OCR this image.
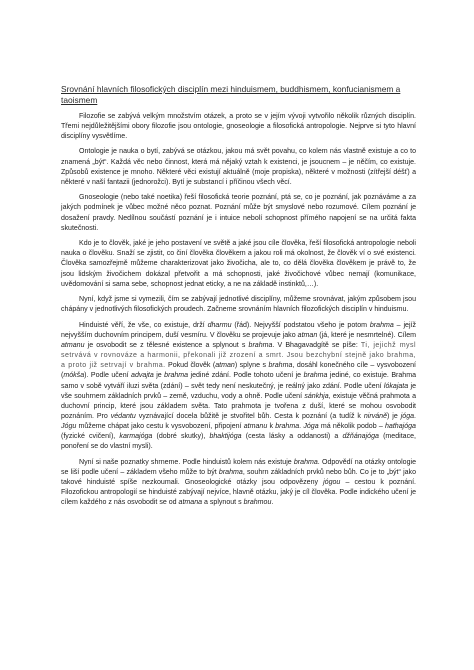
Srovnání hlavních filosofických disciplín mezi hinduismem, buddhismem, konfucianismem a taoismem

Filozofie se zabývá velkým množstvím otázek, a proto se v jejím vývoji vytvořilo několik různých disciplín. Třemi nejdůležitějšími obory filozofie jsou ontologie, gnoseologie a filosofická antropologie. Nejprve si tyto hlavní disciplíny vysvětlíme.

Ontologie je nauka o bytí, zabývá se otázkou, jakou má svět povahu, co kolem nás vlastně existuje a co to znamená „být“. Každá věc nebo činnost, která má nějaký vztah k existenci, je jsoucnem – je něčím, co existuje. Způsobů existence je mnoho. Některé věci existují aktuálně (moje propiska), některé v možnosti (zítřejší déšť) a některé v naší fantazii (jednorožci). Bytí je substancí i příčinou všech věcí.

Gnoseologie (nebo také noetika) řeší filosofická teorie poznání, ptá se, co je poznání, jak poznáváme a za jakých podmínek je vůbec možné něco poznat. Poznání může být smyslové nebo rozumové. Cílem poznání je dosažení pravdy. Nedílnou součástí poznání je i intuice nebolí schopnost přímého napojení se na určitá fakta skutečnosti.

Kdo je to člověk, jaké je jeho postavení ve světě a jaké jsou cíle člověka, řeší filosofická antropologie neboli nauka o člověku. Snaží se zjistit, co činí člověka člověkem a jakou roli má okolnost, že člověk ví o své existenci. Člověka samozřejmě můžeme charakterizovat jako živočicha, ale to, co dělá člověka člověkem je právě to, že jsou lidským živočichem dokázal přetvořit a má schopnosti, jaké živočichové vůbec nemají (komunikace, uvědomování si sama sebe, schopnost jednat eticky, a ne na základě instinktů,…).

Nyní, když jsme si vymezili, čím se zabývají jednotlivé disciplíny, můžeme srovnávat, jakým způsobem jsou chápány v jednotlivých filosofických proudech. Začneme srovnáním hlavních filozofických disciplín v hinduismu.

Hinduisté věří, že vše, co existuje, drží dharmu (řád). Nejvyšší podstatou všeho je potom brahma – jejíž nejvyšším duchovním principem, duší vesmíru. V člověku se projevuje jako atman (já, které je nesmrtelné). Cílem atmanu je osvobodit se z tělesné existence a splynout s brahma. V Bhagavadgítě se píše: Ti, jejichž mysl setrvává v rovnováze a harmonii, překonali již zrození a smrt. Jsou bezchybní stejně jako brahma, a proto již setrvají v brahma. Pokud člověk (atman) splyne s brahma, dosáhl konečného cíle – vysvobození (mókša). Podle učení advajta je brahma jediné zdání. Podle tohoto učení je brahma jediné, co existuje. Brahma samo v sobě vytváří iluzi světa (zdání) – svět tedy není neskutečný, je reálný jako zdání. Podle učení lókajata je vše souhrnem základních prvků – země, vzduchu, vody a ohně. Podle učení sánkhja, existuje věčná prahmota a duchovní princip, které jsou základem světa. Tato prahmota je tvořena z duší, které se mohou osvobodit poznáním. Pro védantu vyznávající docela bůžitě je stvořitel bůh. Cesta k poznání (a tudíž k nirváně) je jóga. Jógu můžeme chápat jako cestu k vysvobození, připojení atmanu k brahma. Jóga má několik podob – hathajóga (fyzické cvičení), karmajóga (dobré skutky), bhaktijóga (cesta lásky a oddanosti) a džňánajóga (meditace, ponoření se do vlastní mysli).

Nyní si naše poznatky shrneme. Podle hinduistů kolem nás existuje brahma. Odpovědí na otázky ontologie se liší podle učení – základem všeho může to být brahma, souhrn základních prvků nebo bůh. Co je to „být“ jako takové hinduisté spíše nezkoumali. Gnoseologické otázky jsou odpovězeny jógou – cestou k poznání. Filozofickou antropologií se hinduisté zabývají nejvíce, hlavně otázku, jaký je cíl člověka. Podle indického učení je cílem každého z nás osvobodit se od atmana a splynout s brahmou.
